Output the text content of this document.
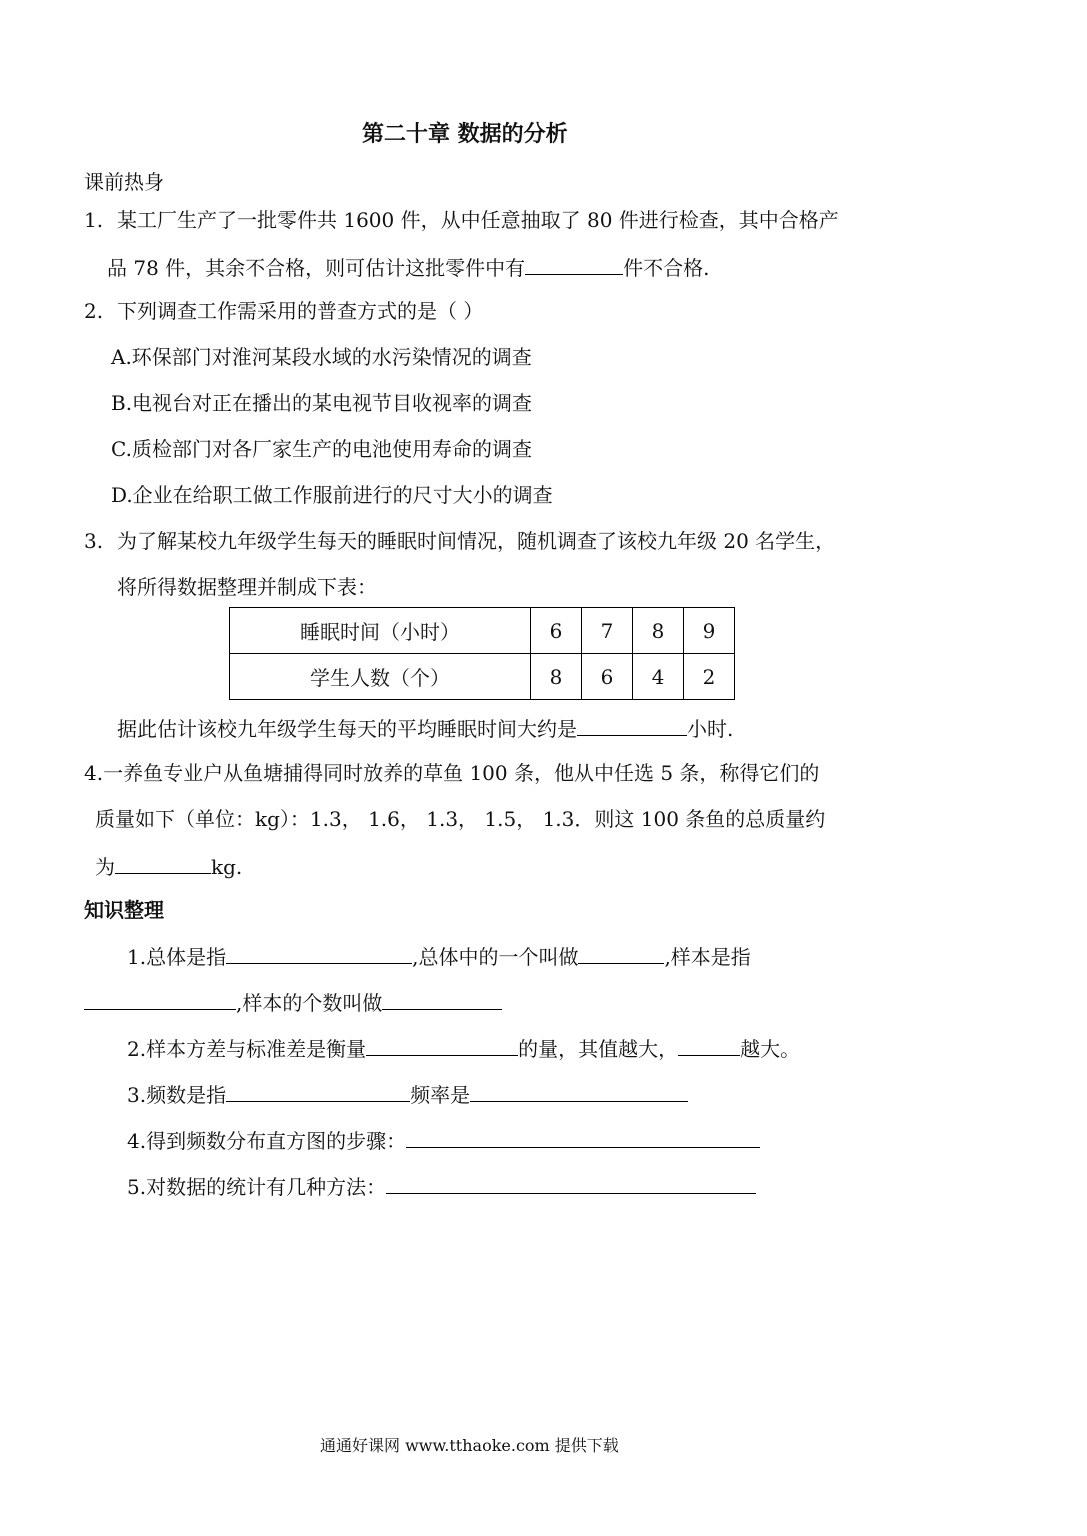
第二十章 数据的分析
课前热身
1. 某工厂生产了一批零件共 1600 件，从中任意抽取了 80 件进行检查，其中合格产
品 78 件，其余不合格，则可估计这批零件中有	件不合格.
2. 下列调查工作需采用的普查方式的是（ ）
A.环保部门对淮河某段水域的水污染情况的调查
B.电视台对正在播出的某电视节目收视率的调查
C.质检部门对各厂家生产的电池使用寿命的调查
D.企业在给职工做工作服前进行的尺寸大小的调查
3. 为了解某校九年级学生每天的睡眠时间情况，随机调查了该校九年级 20 名学生，
将所得数据整理并制成下表：
睡眠时间（小时）	6	7	8	9
学生人数（个）	8	6	4	2
据此估计该校九年级学生每天的平均睡眠时间大约是	小时.
4.一养鱼专业户从鱼塘捕得同时放养的草鱼 100 条，他从中任选 5 条，称得它们的
质量如下（单位：kg）：1.3， 1.6， 1.3， 1.5， 1.3．则这 100 条鱼的总质量约
为	kg.
知识整理
1.总体是指	,总体中的一个叫做	,样本是指
,样本的个数叫做
2.样本方差与标准差是衡量	的量，其值越大，	越大。
3.频数是指	频率是
4.得到频数分布直方图的步骤：
5.对数据的统计有几种方法：
通通好课网 www.tthaoke.com 提供下载
